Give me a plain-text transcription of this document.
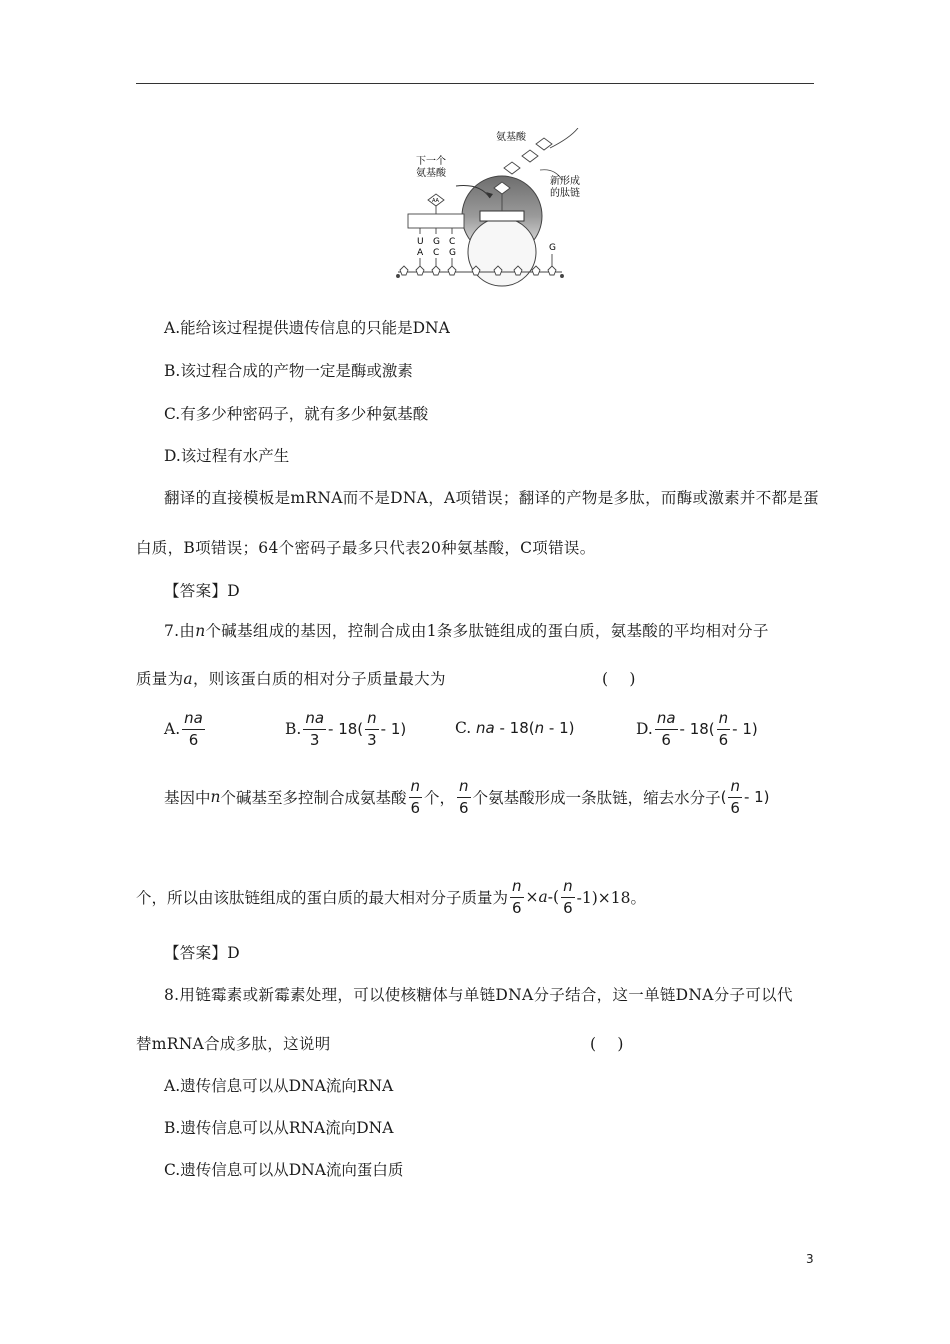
AA
氨基酸
下一个
氨基酸
新形成
的肽链
U G C
A C G	G
A.能给该过程提供遗传信息的只能是DNA
B.该过程合成的产物一定是酶或激素
C.有多少种密码子，就有多少种氨基酸
D.该过程有水产生
翻译的直接模板是mRNA而不是DNA，A项错误；翻译的产物是多肽，而酶或激素并不都是蛋
白质，B项错误；64个密码子最多只代表20种氨基酸，C项错误。
【答案】D
7.由n个碱基组成的基因，控制合成由1条多肽链组成的蛋白质，氨基酸的平均相对分子
质量为a，则该蛋白质的相对分子质量最大为	(　 )
A. $\frac{na}{6}$	B. $\frac{na}{3} - 18( \frac{n}{3} - 1)$	C. na - 18(n - 1)	D. $\frac{na}{6} - 18( \frac{n}{6} - 1)$
基因中 n 个碱基至多控制合成氨基酸 $\frac{n}{6}$ 个， $\frac{n}{6}$ 个氨基酸形成一条肽链，缩去水分子 ( $\frac{n}{6} - 1$)
个，所以由该肽链组成的蛋白质的最大相对分子质量为 $\frac{n}{6} \times a$ -( $\frac{n}{6} -1)\times 18$。
【答案】D
8.用链霉素或新霉素处理，可以使核糖体与单链DNA分子结合，这一单链DNA分子可以代
替mRNA合成多肽，这说明	(　 )
A.遗传信息可以从DNA流向RNA
B.遗传信息可以从RNA流向DNA
C.遗传信息可以从DNA流向蛋白质
3
